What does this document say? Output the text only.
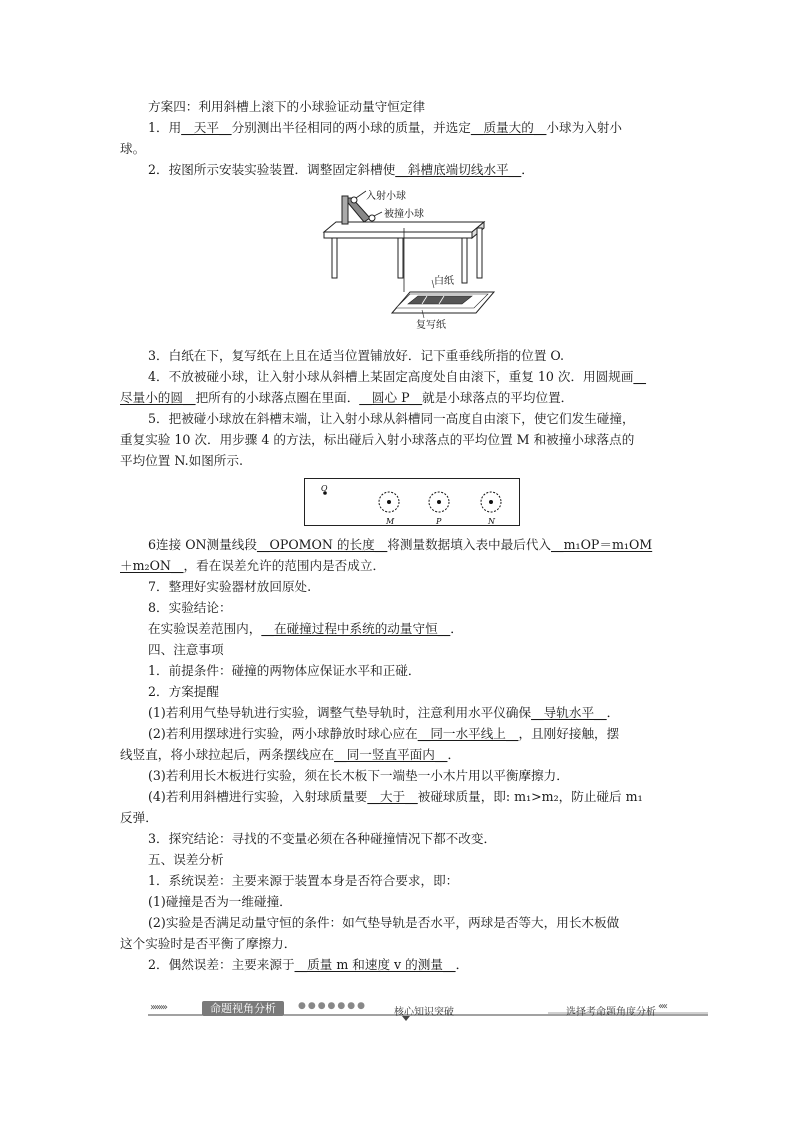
方案四：利用斜槽上滚下的小球验证动量守恒定律
1．用__天平__分别测出半径相同的两小球的质量，并选定__质量大的__小球为入射小
球。
2．按图所示安装实验装置．调整固定斜槽使__斜槽底端切线水平__．
入射小球
被撞小球
白纸
复写纸
3．白纸在下，复写纸在上且在适当位置铺放好．记下重垂线所指的位置 O.
4．不放被碰小球，让入射小球从斜槽上某固定高度处自由滚下，重复 10 次．用圆规画__
尽量小的圆__把所有的小球落点圈在里面．__圆心 P__就是小球落点的平均位置．
5．把被碰小球放在斜槽末端，让入射小球从斜槽同一高度自由滚下，使它们发生碰撞，
重复实验 10 次．用步骤 4 的方法，标出碰后入射小球落点的平均位置 M 和被撞小球落点的
平均位置 N.如图所示.
O
M	P	N
6连接 ON测量线段__OPOMON 的长度__将测量数据填入表中最后代入__m₁OP＝m₁OM
＋m₂ON__，看在误差允许的范围内是否成立．
7．整理好实验器材放回原处.
8．实验结论：
在实验误差范围内，__在碰撞过程中系统的动量守恒__．
四、注意事项
1．前提条件：碰撞的两物体应保证水平和正碰．
2．方案提醒
(1)若利用气垫导轨进行实验，调整气垫导轨时，注意利用水平仪确保__导轨水平__．
(2)若利用摆球进行实验，两小球静放时球心应在__同一水平线上__，且刚好接触，摆
线竖直，将小球拉起后，两条摆线应在__同一竖直平面内__．
(3)若利用长木板进行实验，须在长木板下一端垫一小木片用以平衡摩擦力．
(4)若利用斜槽进行实验，入射球质量要__大于__被碰球质量，即: m₁>m₂，防止碰后 m₁
反弹．
3．探究结论：寻找的不变量必须在各种碰撞情况下都不改变．
五、误差分析
1．系统误差：主要来源于装置本身是否符合要求，即：
(1)碰撞是否为一维碰撞．
(2)实验是否满足动量守恒的条件：如气垫导轨是否水平，两球是否等大，用长木板做
这个实验时是否平衡了摩擦力．
2．偶然误差：主要来源于__质量 m 和速度 v 的测量__．
››››››››	命题视角分析	●●●●●●●
核心知识突破	选择考命题角度分析
‹‹‹‹
